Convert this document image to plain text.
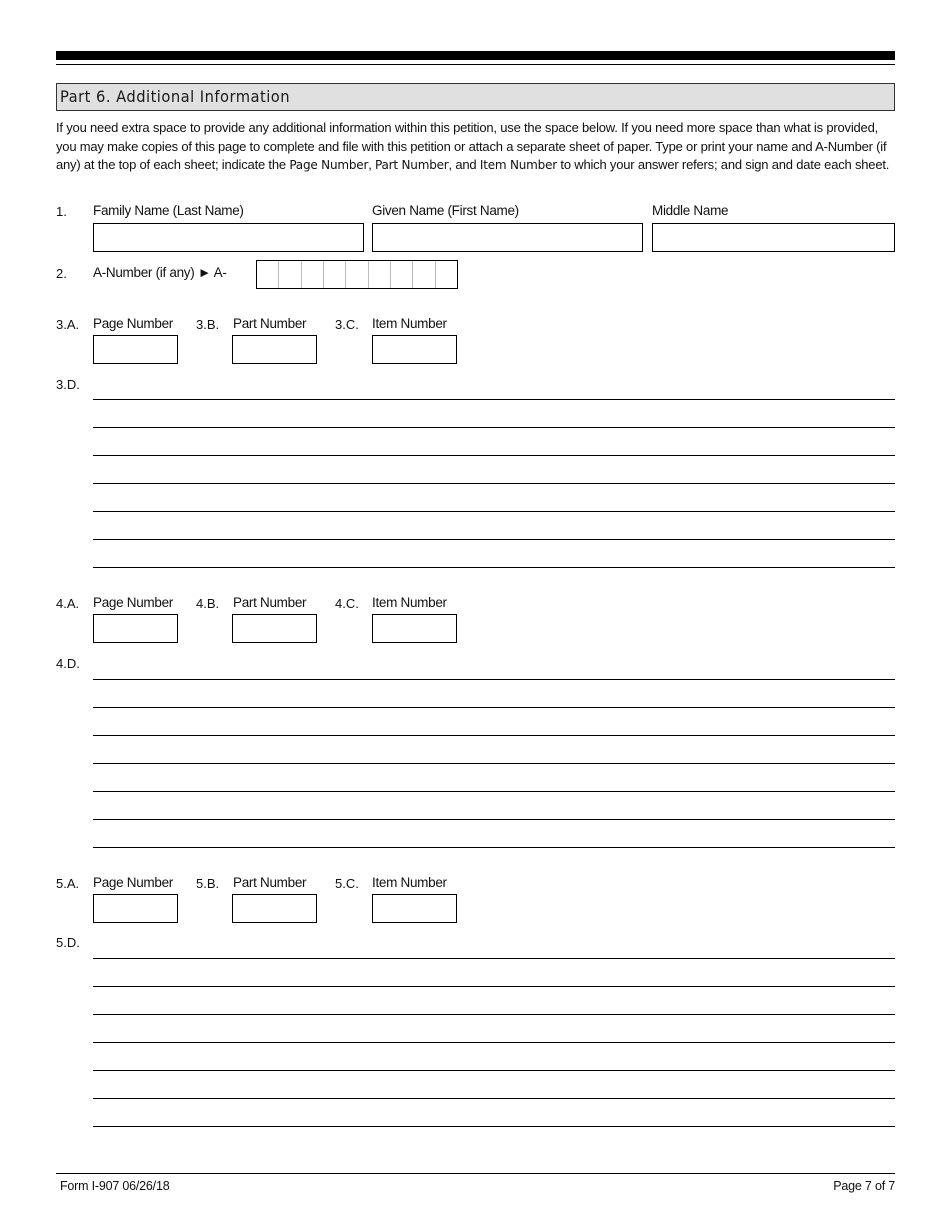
Part 6. Additional Information
If you need extra space to provide any additional information within this petition, use the space below. If you need more space than what is provided, you may make copies of this page to complete and file with this petition or attach a separate sheet of paper. Type or print your name and A-Number (if any) at the top of each sheet; indicate the Page Number, Part Number, and Item Number to which your answer refers; and sign and date each sheet.
1. Family Name (Last Name)	Given Name (First Name)	Middle Name
2. A-Number (if any) ► A-
3.A. Page Number 3.B. Part Number 3.C. Item Number
3.D.
4.A. Page Number 4.B. Part Number 4.C. Item Number
4.D.
5.A. Page Number 5.B. Part Number 5.C. Item Number
5.D.
Form I-907 06/26/18	Page 7 of 7
